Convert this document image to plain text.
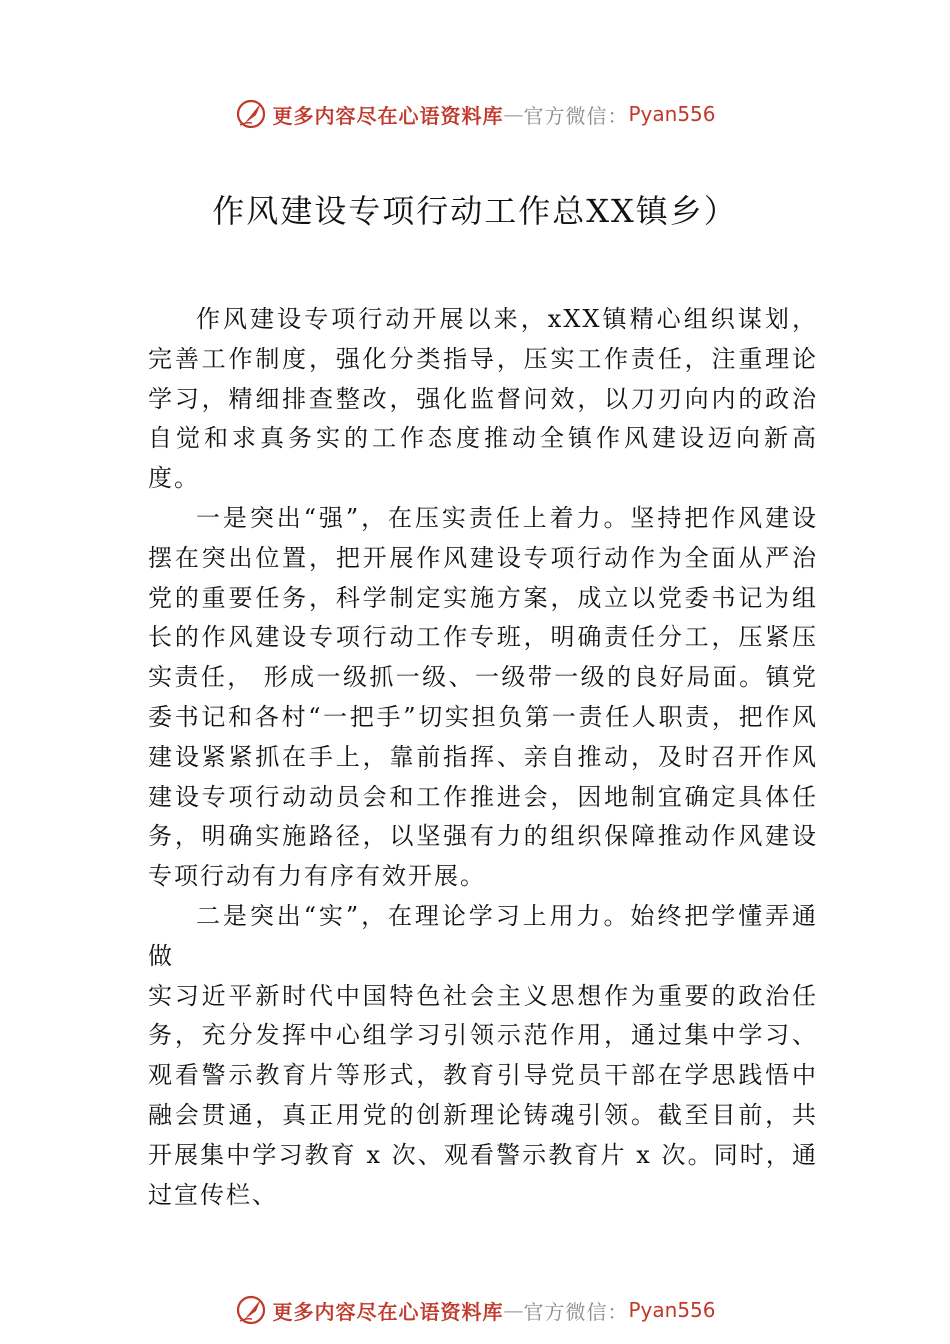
更多内容尽在心语资料库 — 官方微信： Pyan556
作风建设专项行动工作总XX镇乡）

作风建设专项行动开展以来，xXX镇精心组织谋划，完善工作制度，强化分类指导，压实工作责任，注重理论学习，精细排查整改，强化监督问效，以刀刃向内的政治自觉和求真务实的工作态度推动全镇作风建设迈向新高度。

一是突出“强”，在压实责任上着力。坚持把作风建设摆在突出位置，把开展作风建设专项行动作为全面从严治党的重要任务，科学制定实施方案，成立以党委书记为组长的作风建设专项行动工作专班，明确责任分工，压紧压实责任， 形成一级抓一级、一级带一级的良好局面。镇党委书记和各村“一把手”切实担负第一责任人职责，把作风建设紧紧抓在手上，靠前指挥、亲自推动，及时召开作风建设专项行动动员会和工作推进会，因地制宜确定具体任务，明确实施路径，以坚强有力的组织保障推动作风建设专项行动有力有序有效开展。

二是突出“实”，在理论学习上用力。始终把学懂弄通做

实习近平新时代中国特色社会主义思想作为重要的政治任务，充分发挥中心组学习引领示范作用，通过集中学习、观看警示教育片等形式，教育引导党员干部在学思践悟中融会贯通，真正用党的创新理论铸魂引领。截至目前，共开展集中学习教育 x 次、观看警示教育片 x 次。同时，通过宣传栏、

更多内容尽在心语资料库 — 官方微信： Pyan556
